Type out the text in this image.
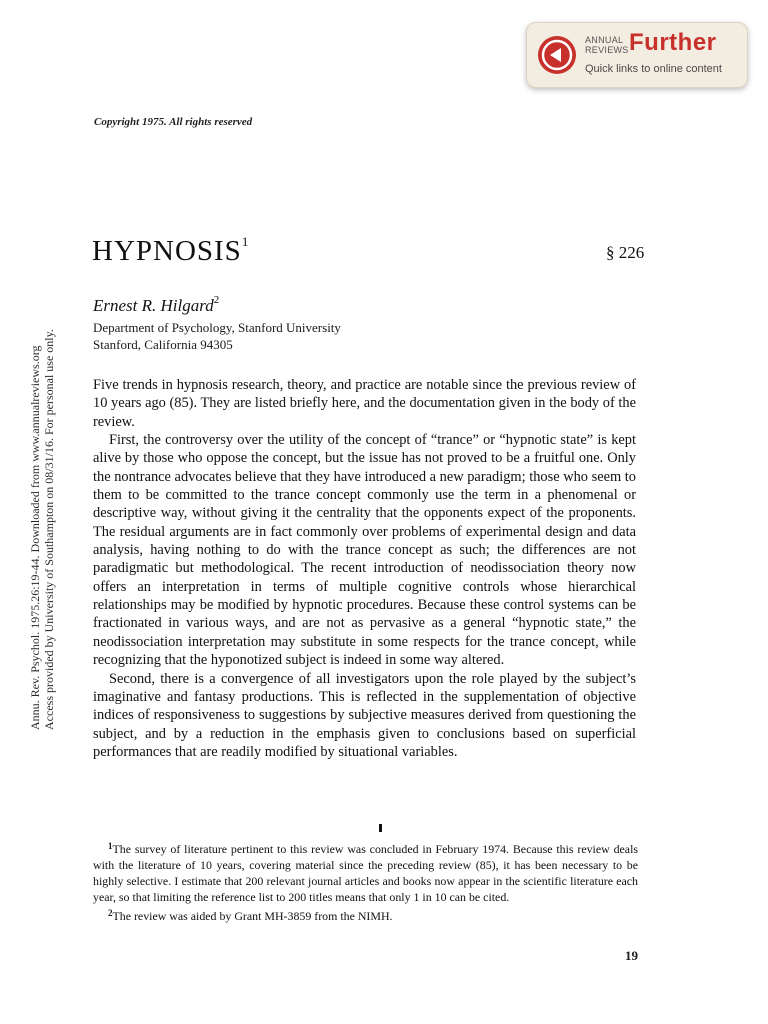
ANNUAL
REVIEWS Further
Quick links to online content
Annu. Rev. Psychol. 1975.26:19-44. Downloaded from www.annualreviews.org Access provided by University of Southampton on 08/31/16. For personal use only.
Copyright 1975. All rights reserved
HYPNOSIS$^1$
§ 226
Ernest R. Hilgard$^2$
Department of Psychology, Stanford University
Stanford, California 94305

Five trends in hypnosis research, theory, and practice are notable since the previous review of 10 years ago (85). They are listed briefly here, and the documentation given in the body of the review.

First, the controversy over the utility of the concept of “trance” or “hypnotic state” is kept alive by those who oppose the concept, but the issue has not proved to be a fruitful one. Only the nontrance advocates believe that they have introduced a new paradigm; those who seem to them to be committed to the trance concept commonly use the term in a phenomenal or descriptive way, without giving it the centrality that the opponents expect of the proponents. The residual arguments are in fact commonly over problems of experimental design and data analysis, having nothing to do with the trance concept as such; the differences are not paradigmatic but methodological. The recent introduction of neodissociation theory now offers an interpretation in terms of multiple cognitive controls whose hierarchical relationships may be modified by hypnotic procedures. Because these control systems can be fractionated in various ways, and are not as pervasive as a general “hypnotic state,” the neodissociation interpretation may substitute in some respects for the trance concept, while recognizing that the hyponotized subject is indeed in some way altered.

Second, there is a convergence of all investigators upon the role played by the subject’s imaginative and fantasy productions. This is reflected in the supplementation of objective indices of responsiveness to suggestions by subjective measures derived from questioning the subject, and by a reduction in the emphasis given to conclusions based on superficial performances that are readily modified by situational variables.

$^1$The survey of literature pertinent to this review was concluded in February 1974. Because this review deals with the literature of 10 years, covering material since the preceding review (85), it has been necessary to be highly selective. I estimate that 200 relevant journal articles and books now appear in the scientific literature each year, so that limiting the reference list to 200 titles means that only 1 in 10 can be cited.

$^2$The review was aided by Grant MH-3859 from the NIMH.

19
